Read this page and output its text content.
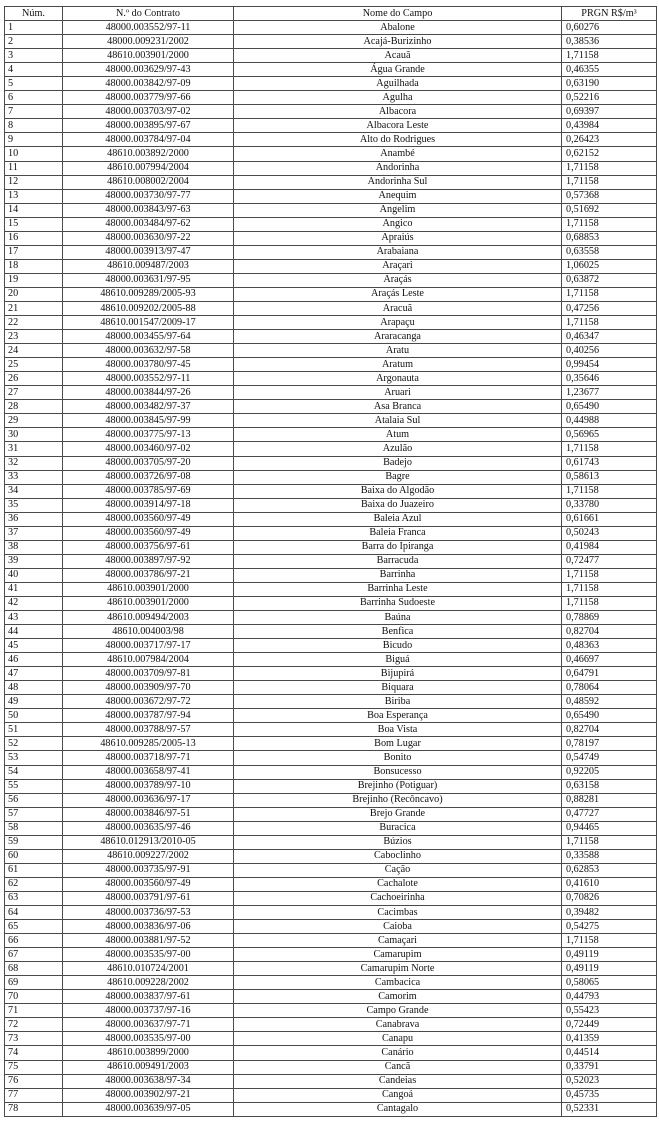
Núm.	N.º do Contrato	Nome do Campo	PRGN R$/m³
1	48000.003552/97-11	Abalone	0,60276
2	48000.009231/2002	Acajá-Burizinho	0,38536
3	48610.003901/2000	Acauã	1,71158
4	48000.003629/97-43	Água Grande	0,46355
5	48000.003842/97-09	Aguilhada	0,63190
6	48000.003779/97-66	Agulha	0,52216
7	48000.003703/97-02	Albacora	0,69397
8	48000.003895/97-67	Albacora Leste	0,43984
9	48000.003784/97-04	Alto do Rodrigues	0,26423
10	48610.003892/2000	Anambé	0,62152
11	48610.007994/2004	Andorinha	1,71158
12	48610.008002/2004	Andorinha Sul	1,71158
13	48000.003730/97-77	Anequim	0,57368
14	48000.003843/97-63	Angelim	0,51692
15	48000.003484/97-62	Angico	1,71158
16	48000.003630/97-22	Apraiús	0,68853
17	48000.003913/97-47	Arabaiana	0,63558
18	48610.009487/2003	Araçari	1,06025
19	48000.003631/97-95	Araçás	0,63872
20	48610.009289/2005-93	Araçás Leste	1,71158
21	48610.009202/2005-88	Aracuã	0,47256
22	48610.001547/2009-17	Arapaçu	1,71158
23	48000.003455/97-64	Araracanga	0,46347
24	48000.003632/97-58	Aratu	0,40256
25	48000.003780/97-45	Aratum	0,99454
26	48000.003552/97-11	Argonauta	0,35646
27	48000.003844/97-26	Aruari	1,23677
28	48000.003482/97-37	Asa Branca	0,65490
29	48000.003845/97-99	Atalaia Sul	0,44988
30	48000.003775/97-13	Atum	0,56965
31	48000.003460/97-02	Azulão	1,71158
32	48000.003705/97-20	Badejo	0,61743
33	48000.003726/97-08	Bagre	0,58613
34	48000.003785/97-69	Baixa do Algodão	1,71158
35	48000.003914/97-18	Baixa do Juazeiro	0,33780
36	48000.003560/97-49	Baleia Azul	0,61661
37	48000.003560/97-49	Baleia Franca	0,50243
38	48000.003756/97-61	Barra do Ipiranga	0,41984
39	48000.003897/97-92	Barracuda	0,72477
40	48000.003786/97-21	Barrinha	1,71158
41	48610.003901/2000	Barrinha Leste	1,71158
42	48610.003901/2000	Barrinha Sudoeste	1,71158
43	48610.009494/2003	Baúna	0,78869
44	48610.004003/98	Benfica	0,82704
45	48000.003717/97-17	Bicudo	0,48363
46	48610.007984/2004	Biguá	0,46697
47	48000.003709/97-81	Bijupirá	0,64791
48	48000.003909/97-70	Biquara	0,78064
49	48000.003672/97-72	Biriba	0,48592
50	48000.003787/97-94	Boa Esperança	0,65490
51	48000.003788/97-57	Boa Vista	0,82704
52	48610.009285/2005-13	Bom Lugar	0,78197
53	48000.003718/97-71	Bonito	0,54749
54	48000.003658/97-41	Bonsucesso	0,92205
55	48000.003789/97-10	Brejinho (Potiguar)	0,63158
56	48000.003636/97-17	Brejinho (Recôncavo)	0,88281
57	48000.003846/97-51	Brejo Grande	0,47727
58	48000.003635/97-46	Buracica	0,94465
59	48610.012913/2010-05	Búzios	1,71158
60	48610.009227/2002	Caboclinho	0,33588
61	48000.003735/97-91	Cação	0,62853
62	48000.003560/97-49	Cachalote	0,41610
63	48000.003791/97-61	Cachoeirinha	0,70826
64	48000.003736/97-53	Cacimbas	0,39482
65	48000.003836/97-06	Caioba	0,54275
66	48000.003881/97-52	Camaçari	1,71158
67	48000.003535/97-00	Camarupim	0,49119
68	48610.010724/2001	Camarupim Norte	0,49119
69	48610.009228/2002	Cambacica	0,58065
70	48000.003837/97-61	Camorim	0,44793
71	48000.003737/97-16	Campo Grande	0,55423
72	48000.003637/97-71	Canabrava	0,72449
73	48000.003535/97-00	Canapu	0,41359
74	48610.003899/2000	Canário	0,44514
75	48610.009491/2003	Cancã	0,33791
76	48000.003638/97-34	Candeias	0,52023
77	48000.003902/97-21	Cangoá	0,45735
78	48000.003639/97-05	Cantagalo	0,52331
